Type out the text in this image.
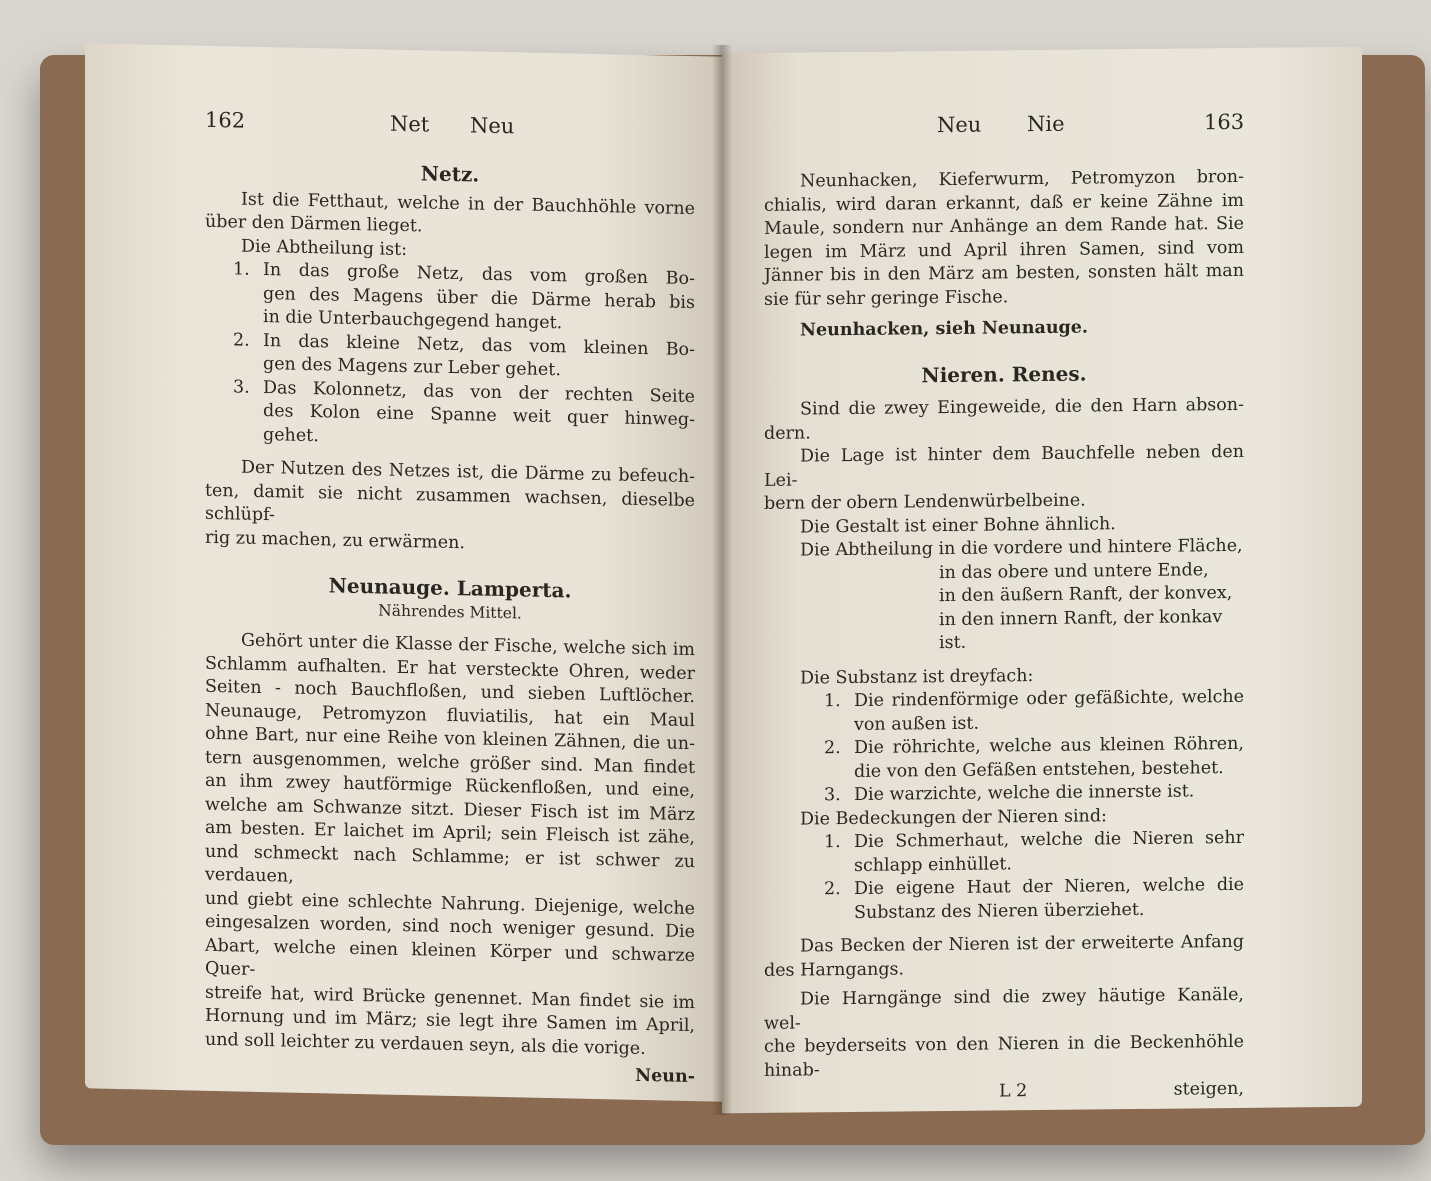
162	Net Neu

Netz.

Ist die Fetthaut, welche in der Bauchhöhle vorne

über den Därmen lieget.

Die Abtheilung ist:

1. In das große Netz, das vom großen Bo-

gen des Magens über die Därme herab bis

in die Unterbauchgegend hanget.

2. In das kleine Netz, das vom kleinen Bo-

gen des Magens zur Leber gehet.

3. Das Kolonnetz, das von der rechten Seite

des Kolon eine Spanne weit quer hinweg-

gehet.

Der Nutzen des Netzes ist, die Därme zu befeuch-

ten, damit sie nicht zusammen wachsen, dieselbe schlüpf-

rig zu machen, zu erwärmen.

Neunauge. Lamperta.

Nährendes Mittel.

Gehört unter die Klasse der Fische, welche sich im

Schlamm aufhalten. Er hat versteckte Ohren, weder

Seiten - noch Bauchfloßen, und sieben Luftlöcher.

Neunauge, Petromyzon fluviatilis, hat ein Maul

ohne Bart, nur eine Reihe von kleinen Zähnen, die un-

tern ausgenommen, welche größer sind. Man findet

an ihm zwey hautförmige Rückenfloßen, und eine,

welche am Schwanze sitzt. Dieser Fisch ist im März

am besten. Er laichet im April; sein Fleisch ist zähe,

und schmeckt nach Schlamme; er ist schwer zu verdauen,

und giebt eine schlechte Nahrung. Diejenige, welche

eingesalzen worden, sind noch weniger gesund. Die

Abart, welche einen kleinen Körper und schwarze Quer-

streife hat, wird Brücke genennet. Man findet sie im

Hornung und im März; sie legt ihre Samen im April,

und soll leichter zu verdauen seyn, als die vorige.

Neun-

Neu Nie	163

Neunhacken, Kieferwurm, Petromyzon bron-

chialis, wird daran erkannt, daß er keine Zähne im

Maule, sondern nur Anhänge an dem Rande hat. Sie

legen im März und April ihren Samen, sind vom

Jänner bis in den März am besten, sonsten hält man

sie für sehr geringe Fische.

Neunhacken, sieh Neunauge.

Nieren. Renes.

Sind die zwey Eingeweide, die den Harn abson-

dern.

Die Lage ist hinter dem Bauchfelle neben den Lei-

bern der obern Lendenwürbelbeine.

Die Gestalt ist einer Bohne ähnlich.

Die Abtheilung in die vordere und hintere Fläche,

in das obere und untere Ende,

in den äußern Ranft, der konvex,

in den innern Ranft, der konkav ist.

Die Substanz ist dreyfach:

1. Die rindenförmige oder gefäßichte, welche

von außen ist.

2. Die röhrichte, welche aus kleinen Röhren,

die von den Gefäßen entstehen, bestehet.

3. Die warzichte, welche die innerste ist.

Die Bedeckungen der Nieren sind:

1. Die Schmerhaut, welche die Nieren sehr

schlapp einhüllet.

2. Die eigene Haut der Nieren, welche die

Substanz des Nieren überziehet.

Das Becken der Nieren ist der erweiterte Anfang

des Harngangs.

Die Harngänge sind die zwey häutige Kanäle, wel-

che beyderseits von den Nieren in die Beckenhöhle hinab-

L 2	steigen,
